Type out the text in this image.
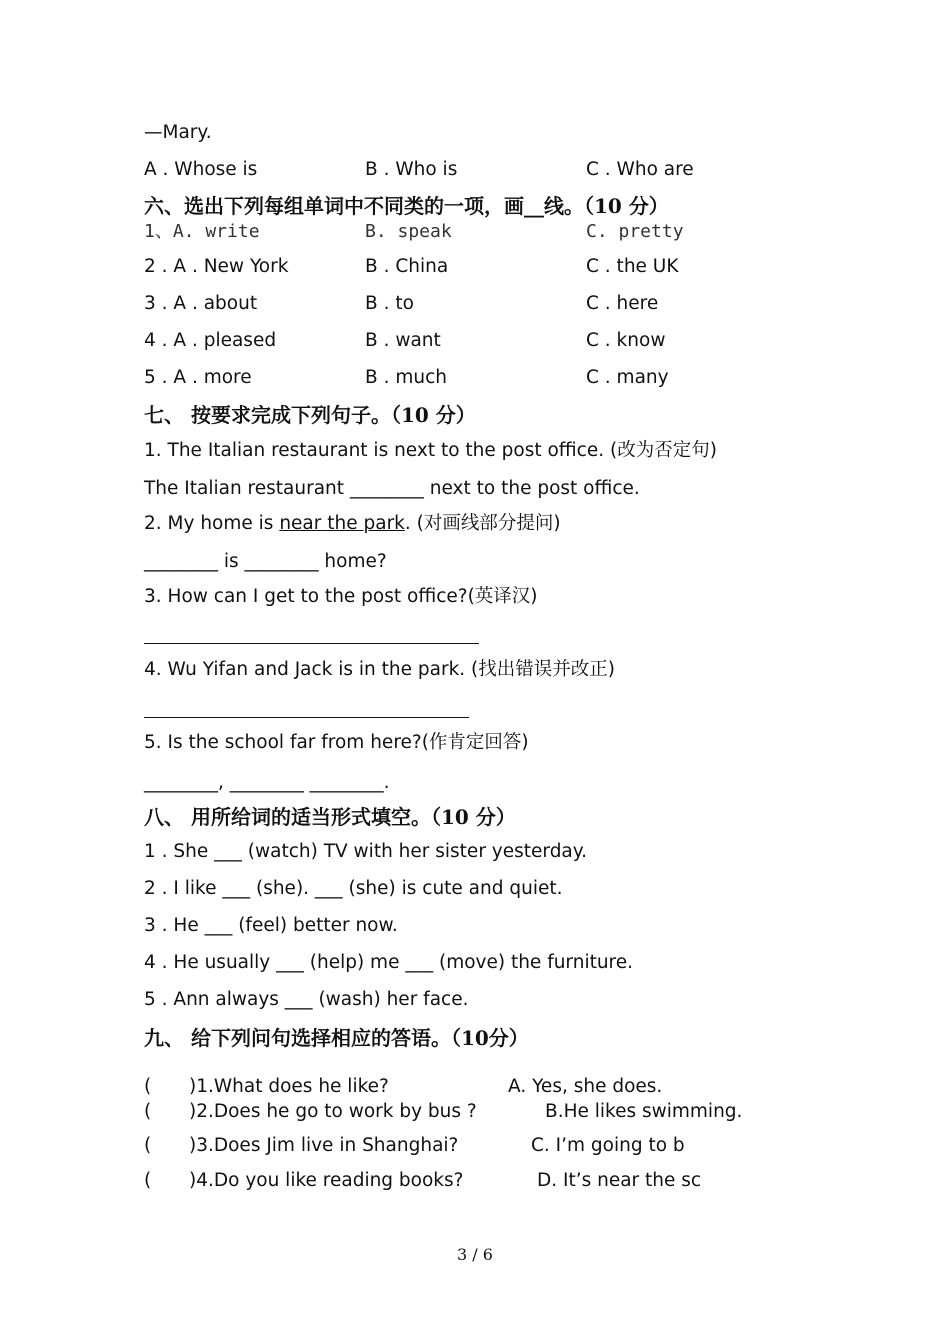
—Mary.
A . Whose is	B . Who is	C . Who are
六、选出下列每组单词中不同类的一项，画__线。（10 分）
1、A. write	B. speak	C. pretty
2 . A . New York	B . China	C . the UK
3 . A . about	B . to	C . here
4 . A . pleased	B . want	C . know
5 . A . more	B . much	C . many
七、 按要求完成下列句子。（10 分）
1. The Italian restaurant is next to the post office. (改为否定句)
The Italian restaurant ________ next to the post office.
2. My home is near the park. (对画线部分提问)
________ is ________ home?
3. How can I get to the post office?(英译汉)
4. Wu Yifan and Jack is in the park. (找出错误并改正)
5. Is the school far from here?(作肯定回答)
________, ________ ________.
八、 用所给词的适当形式填空。（10 分）
1 . She ___ (watch) TV with her sister yesterday.
2 . I like ___ (she). ___ (she) is cute and quiet.
3 . He ___ (feel) better now.
4 . He usually ___ (help) me ___ (move) the furniture.
5 . Ann always ___ (wash) her face.
九、 给下列问句选择相应的答语。（10分）
( )1.What does he like?	A. Yes, she does.
( )2.Does he go to work by bus ?	B.He likes swimming.
( )3.Does Jim live in Shanghai?	C. I’m going to b
( )4.Do you like reading books?	D. It’s near the sc
3 / 6
